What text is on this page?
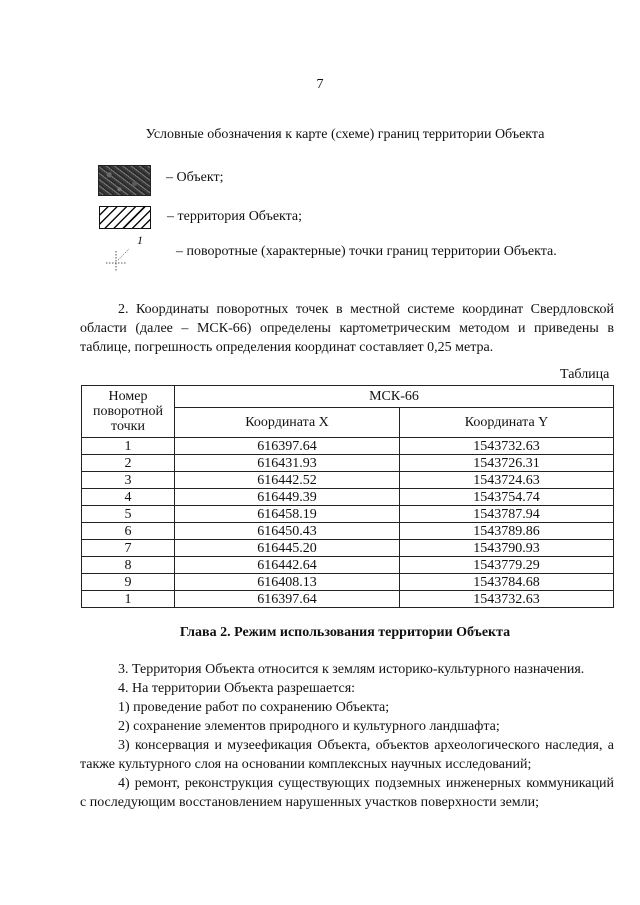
7
Условные обозначения к карте (схеме) границ территории Объекта
– Объект;
– территория Объекта;
1
– поворотные (характерные) точки границ территории Объекта.
2. Координаты поворотных точек в местной системе координат Свердловской области (далее – МСК-66) определены картометрическим методом и приведены в таблице, погрешность определения координат составляет 0,25 метра.
Таблица
Номер поворотной точки	МСК-66	
	Координата X	Координата Y
1	616397.64	1543732.63
2	616431.93	1543726.31
3	616442.52	1543724.63
4	616449.39	1543754.74
5	616458.19	1543787.94
6	616450.43	1543789.86
7	616445.20	1543790.93
8	616442.64	1543779.29
9	616408.13	1543784.68
1	616397.64	1543732.63
Глава 2. Режим использования территории Объекта
3. Территория Объекта относится к землям историко-культурного назначения.
4. На территории Объекта разрешается:
1) проведение работ по сохранению Объекта;
2) сохранение элементов природного и культурного ландшафта;
3) консервация и музеефикация Объекта, объектов археологического наследия, а также культурного слоя на основании комплексных научных исследований;
4) ремонт, реконструкция существующих подземных инженерных коммуникаций с последующим восстановлением нарушенных участков поверхности земли;
